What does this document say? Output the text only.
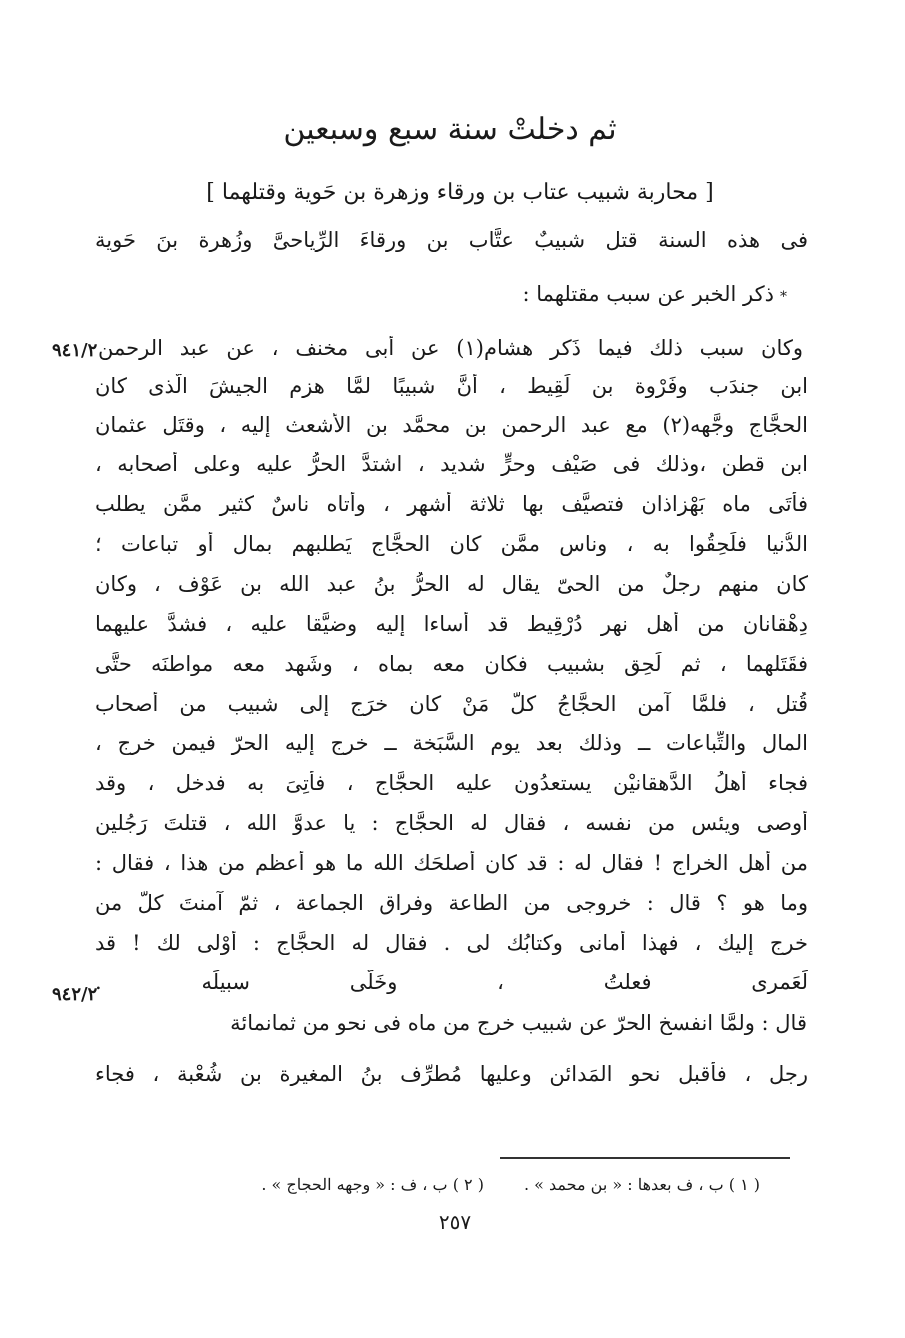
ثم دخلتْ سنة سبع وسبعين
[ محاربة شبيب عتاب بن ورقاء وزهرة بن حَوية وقتلهما ]
فى هذه السنة قتل شبيبٌ عتَّاب بن ورقاءَ الرِّياحىَّ وزُهرة بنَ حَوِية
*ذكر الخبر عن سبب مقتلهما :
وكان سبب ذلك فيما ذَكر هشام(١) عن أبى مخنف ، عن عبد الرحمن
٩٤١/٢
ابن جندَب وفَرْوة بن لَقِيط ، أنَّ شبيبًا لمَّا هزم الجيشَ الَّذى كان
الحجَّاج وجَّهه(٢) مع عبد الرحمن بن محمَّد بن الأشعث إليه ، وقتَل عثمان
ابن قطن ،وذلك فى صَيْف وحرٍّ شديد ، اشتدَّ الحرُّ عليه وعلى أصحابه ،
فأتَى ماه بَهْزاذان فتصيَّف بها ثلاثة أشهر ، وأتاه ناسٌ كثير ممَّن يطلب
الدُّنيا فلَحِقُوا به ، وناس ممَّن كان الحجَّاج يَطلبهم بمال أو تباعات ؛
كان منهم رجلٌ من الحىّ يقال له الحرُّ بنُ عبد الله بن عَوْف ، وكان
دِهْقانان من أهل نهر دُرْقِيط قد أساءا إليه وضيَّقا عليه ، فشدَّ عليهما
فقَتَلهما ، ثم لَحِق بشبيب فكان معه بماه ، وشَهِد معه مواطنَه حتَّى
قُتل ، فلمَّا آمن الحجَّاجُ كلَّ مَنْ كان خرَج إلى شبيب من أصحاب
المال والتِّباعات ــ وذلك بعد يوم السَّبَخة ــ خرج إليه الحرّ فيمن خرج ،
فجاء أهلُ الدَّهقانيْن يستعدُون عليه الحجَّاج ، فأُتِىَ به فدخل ، وقد
أوصى ويئس من نفسه ، فقال له الحجَّاج : يا عدوَّ الله ، قتلتَ رَجُلين
من أهل الخراج ! فقال له : قد كان أصلحَك الله ما هو أعظم من هذا ، فقال :
وما هو ؟ قال : خروجى من الطاعة وفراق الجماعة ، ثمّ آمنتَ كلَّ من
خرج إليك ، فهذا أمانى وكتابُك لى . فقال له الحجَّاج : أَوْلى لك ! قد
لَعَمرى فعلتُ ، وخَلَّى سبيلَه .
٩٤٢/٢
قال : ولمَّا انفسخ الحرّ عن شبيب خرج من ماه فى نحو من ثمانمائة
رجل ، فأقبل نحو المَدائن وعليها مُطرِّف بنُ المغيرة بن شُعْبة ، فجاء
( ١ ) ب ، ف بعدها : « بن محمد » .
( ٢ ) ب ، ف : « وجهه الحجاج » .
٢٥٧
